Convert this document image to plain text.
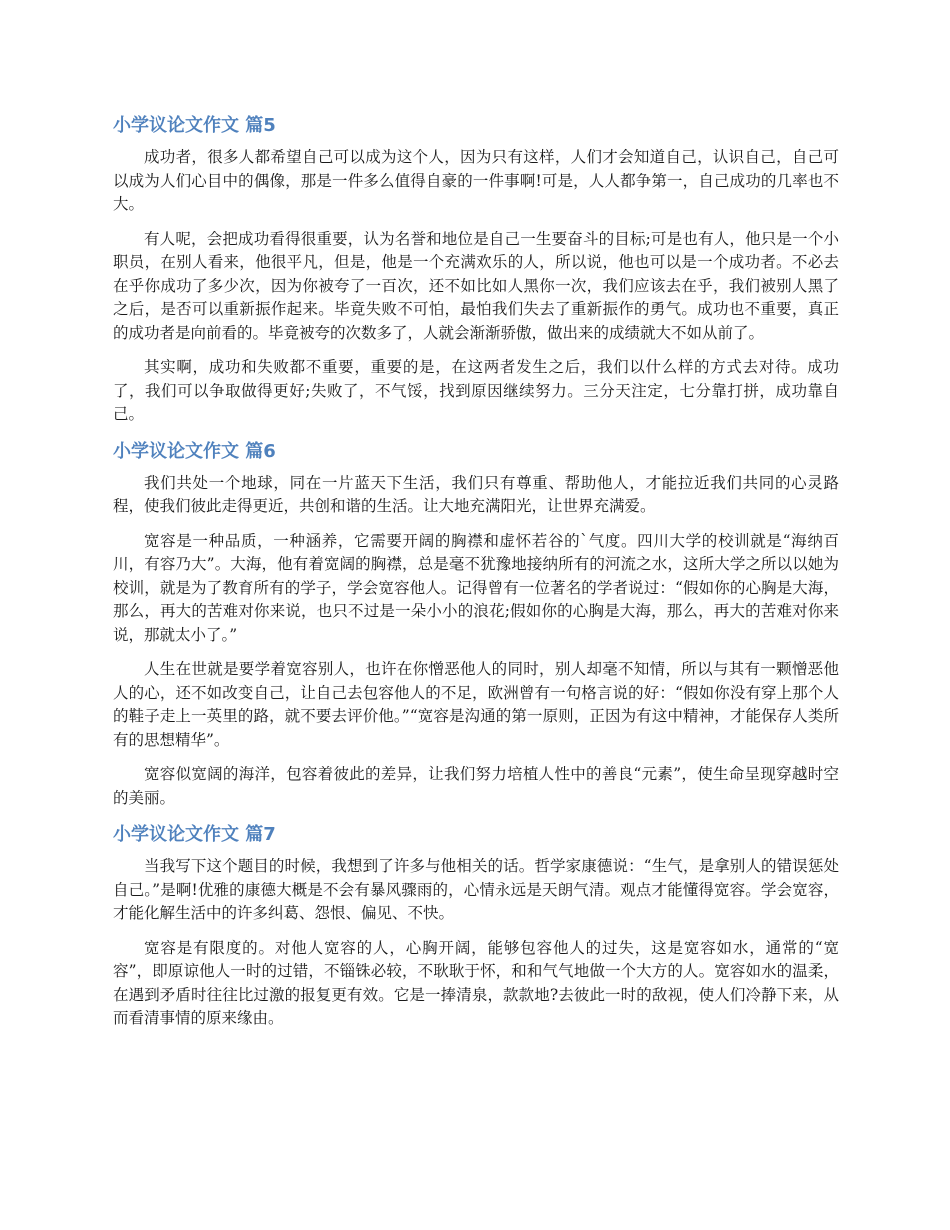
小学议论文作文 篇5

成功者，很多人都希望自己可以成为这个人，因为只有这样，人们才会知道自己，认识自己，自己可以成为人们心目中的偶像，那是一件多么值得自豪的一件事啊!可是，人人都争第一，自己成功的几率也不大。

有人呢，会把成功看得很重要，认为名誉和地位是自己一生要奋斗的目标;可是也有人，他只是一个小职员，在别人看来，他很平凡，但是，他是一个充满欢乐的人，所以说，他也可以是一个成功者。不必去在乎你成功了多少次，因为你被夸了一百次，还不如比如人黑你一次，我们应该去在乎，我们被别人黑了之后，是否可以重新振作起来。毕竟失败不可怕，最怕我们失去了重新振作的勇气。成功也不重要，真正的成功者是向前看的。毕竟被夸的次数多了，人就会渐渐骄傲，做出来的成绩就大不如从前了。

其实啊，成功和失败都不重要，重要的是，在这两者发生之后，我们以什么样的方式去对待。成功了，我们可以争取做得更好;失败了，不气馁，找到原因继续努力。三分天注定，七分靠打拼，成功靠自己。

小学议论文作文 篇6

我们共处一个地球，同在一片蓝天下生活，我们只有尊重、帮助他人，才能拉近我们共同的心灵路程，使我们彼此走得更近，共创和谐的生活。让大地充满阳光，让世界充满爱。

宽容是一种品质，一种涵养，它需要开阔的胸襟和虚怀若谷的`气度。四川大学的校训就是“海纳百川，有容乃大”。大海，他有着宽阔的胸襟，总是毫不犹豫地接纳所有的河流之水，这所大学之所以以她为校训，就是为了教育所有的学子，学会宽容他人。记得曾有一位著名的学者说过：“假如你的心胸是大海，那么，再大的苦难对你来说，也只不过是一朵小小的浪花;假如你的心胸是大海，那么，再大的苦难对你来说，那就太小了。”

人生在世就是要学着宽容别人，也许在你憎恶他人的同时，别人却毫不知情，所以与其有一颗憎恶他人的心，还不如改变自己，让自己去包容他人的不足，欧洲曾有一句格言说的好：“假如你没有穿上那个人的鞋子走上一英里的路，就不要去评价他。”“宽容是沟通的第一原则，正因为有这中精神，才能保存人类所有的思想精华”。

宽容似宽阔的海洋，包容着彼此的差异，让我们努力培植人性中的善良“元素”，使生命呈现穿越时空的美丽。

小学议论文作文 篇7

当我写下这个题目的时候，我想到了许多与他相关的话。哲学家康德说：“生气，是拿别人的错误惩处自己。”是啊!优雅的康德大概是不会有暴风骤雨的，心情永远是天朗气清。观点才能懂得宽容。学会宽容，才能化解生活中的许多纠葛、怨恨、偏见、不快。

宽容是有限度的。对他人宽容的人，心胸开阔，能够包容他人的过失，这是宽容如水，通常的“宽容”，即原谅他人一时的过错，不锱铢必较，不耿耿于怀，和和气气地做一个大方的人。宽容如水的温柔，在遇到矛盾时往往比过激的报复更有效。它是一捧清泉，款款地?去彼此一时的敌视，使人们冷静下来，从而看清事情的原来缘由。
